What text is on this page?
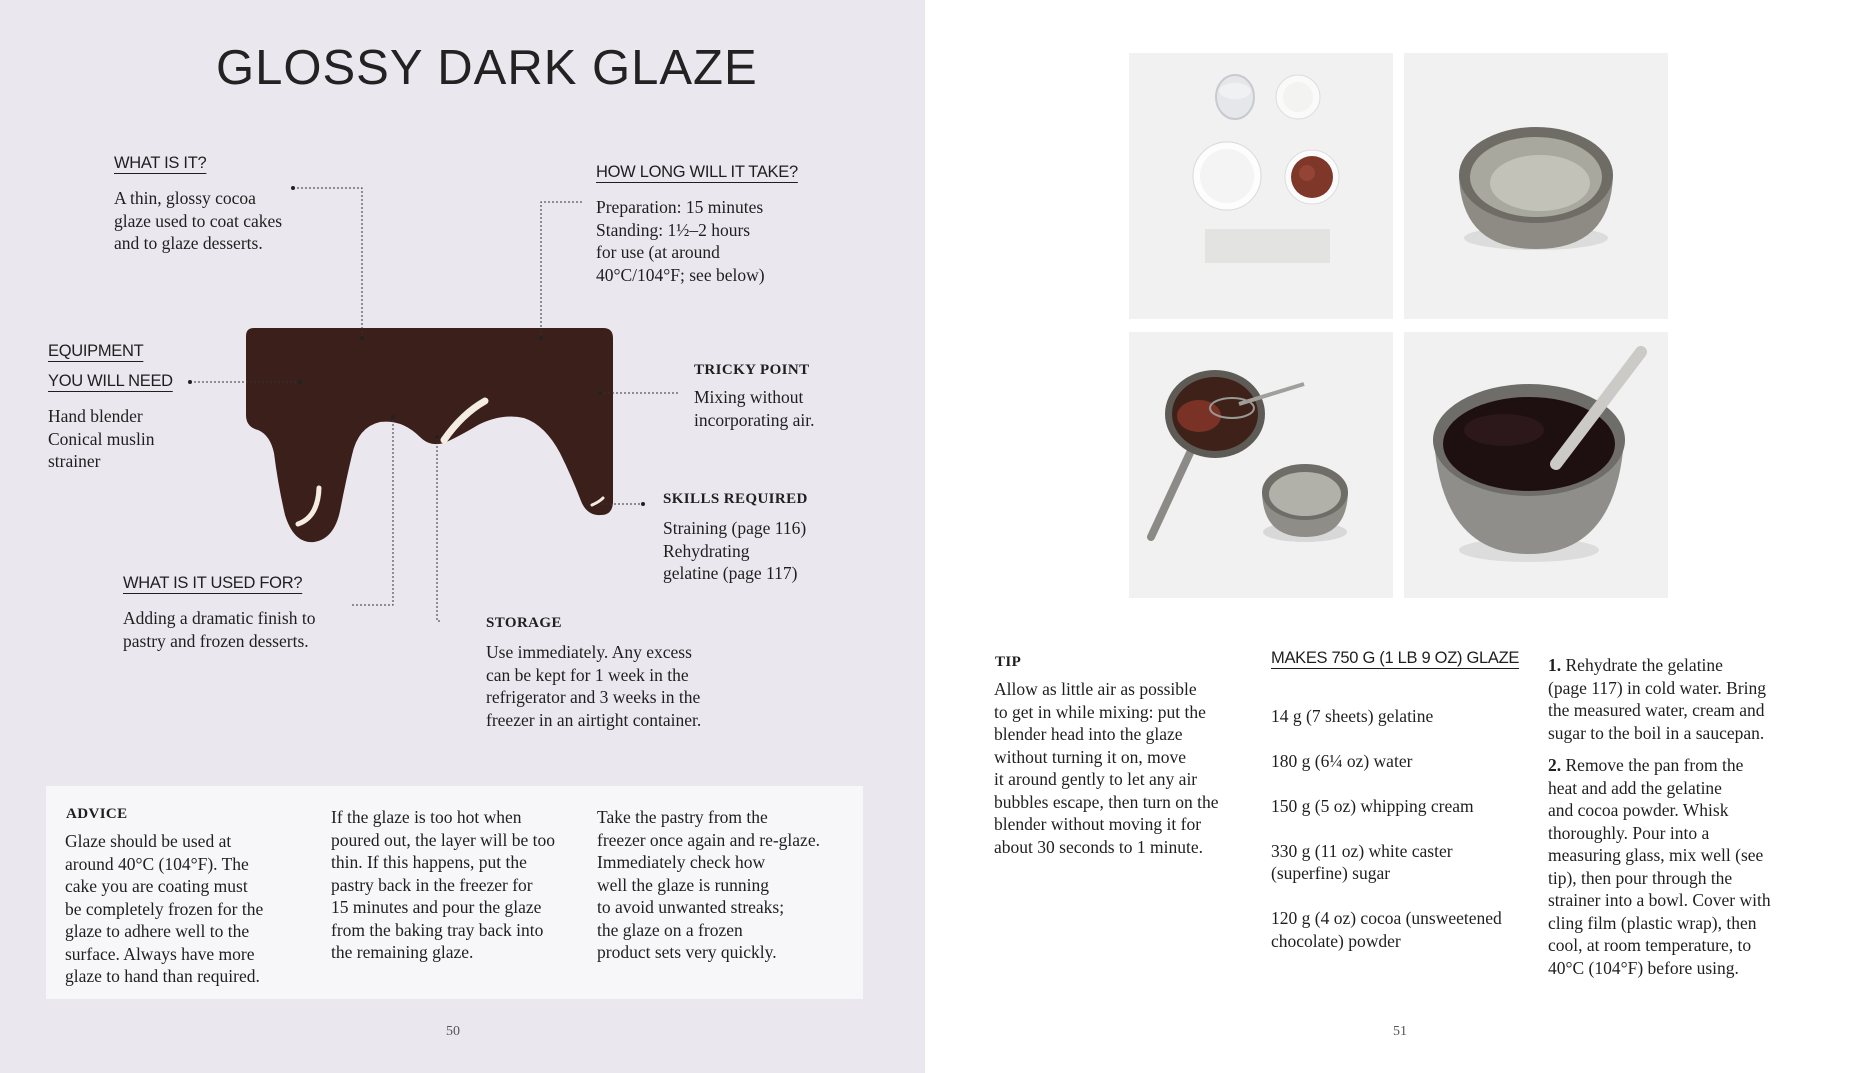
GLOSSY DARK GLAZE
WHAT IS IT?
A thin, glossy cocoa
glaze used to coat cakes
and to glaze desserts.
HOW LONG WILL IT TAKE?
Preparation: 15 minutes
Standing: 1½–2 hours
for use (at around
40°C/104°F; see below)
EQUIPMENT
YOU WILL NEED
Hand blender
Conical muslin
strainer
TRICKY POINT
Mixing without
incorporating air.
SKILLS REQUIRED
Straining (page 116)
Rehydrating
gelatine (page 117)
WHAT IS IT USED FOR?
Adding a dramatic finish to
pastry and frozen desserts.
STORAGE
Use immediately. Any excess
can be kept for 1 week in the
refrigerator and 3 weeks in the
freezer in an airtight container.
ADVICE
Glaze should be used at
around 40°C (104°F). The
cake you are coating must
be completely frozen for the
glaze to adhere well to the
surface. Always have more
glaze to hand than required.
If the glaze is too hot when
poured out, the layer will be too
thin. If this happens, put the
pastry back in the freezer for
15 minutes and pour the glaze
from the baking tray back into
the remaining glaze.
Take the pastry from the
freezer once again and re-glaze.
Immediately check how
well the glaze is running
to avoid unwanted streaks;
the glaze on a frozen
product sets very quickly.
50
TIP
Allow as little air as possible
to get in while mixing: put the
blender head into the glaze
without turning it on, move
it around gently to let any air
bubbles escape, then turn on the
blender without moving it for
about 30 seconds to 1 minute.
MAKES 750 G (1 LB 9 OZ) GLAZE

14 g (7 sheets) gelatine

180 g (6¼ oz) water

150 g (5 oz) whipping cream

330 g (11 oz) white caster
(superfine) sugar

120 g (4 oz) cocoa (unsweetened
chocolate) powder

1. Rehydrate the gelatine
(page 117) in cold water. Bring
the measured water, cream and
sugar to the boil in a saucepan.
2. Remove the pan from the
heat and add the gelatine
and cocoa powder. Whisk
thoroughly. Pour into a
measuring glass, mix well (see
tip), then pour through the
strainer into a bowl. Cover with
cling film (plastic wrap), then
cool, at room temperature, to
40°C (104°F) before using.
51
